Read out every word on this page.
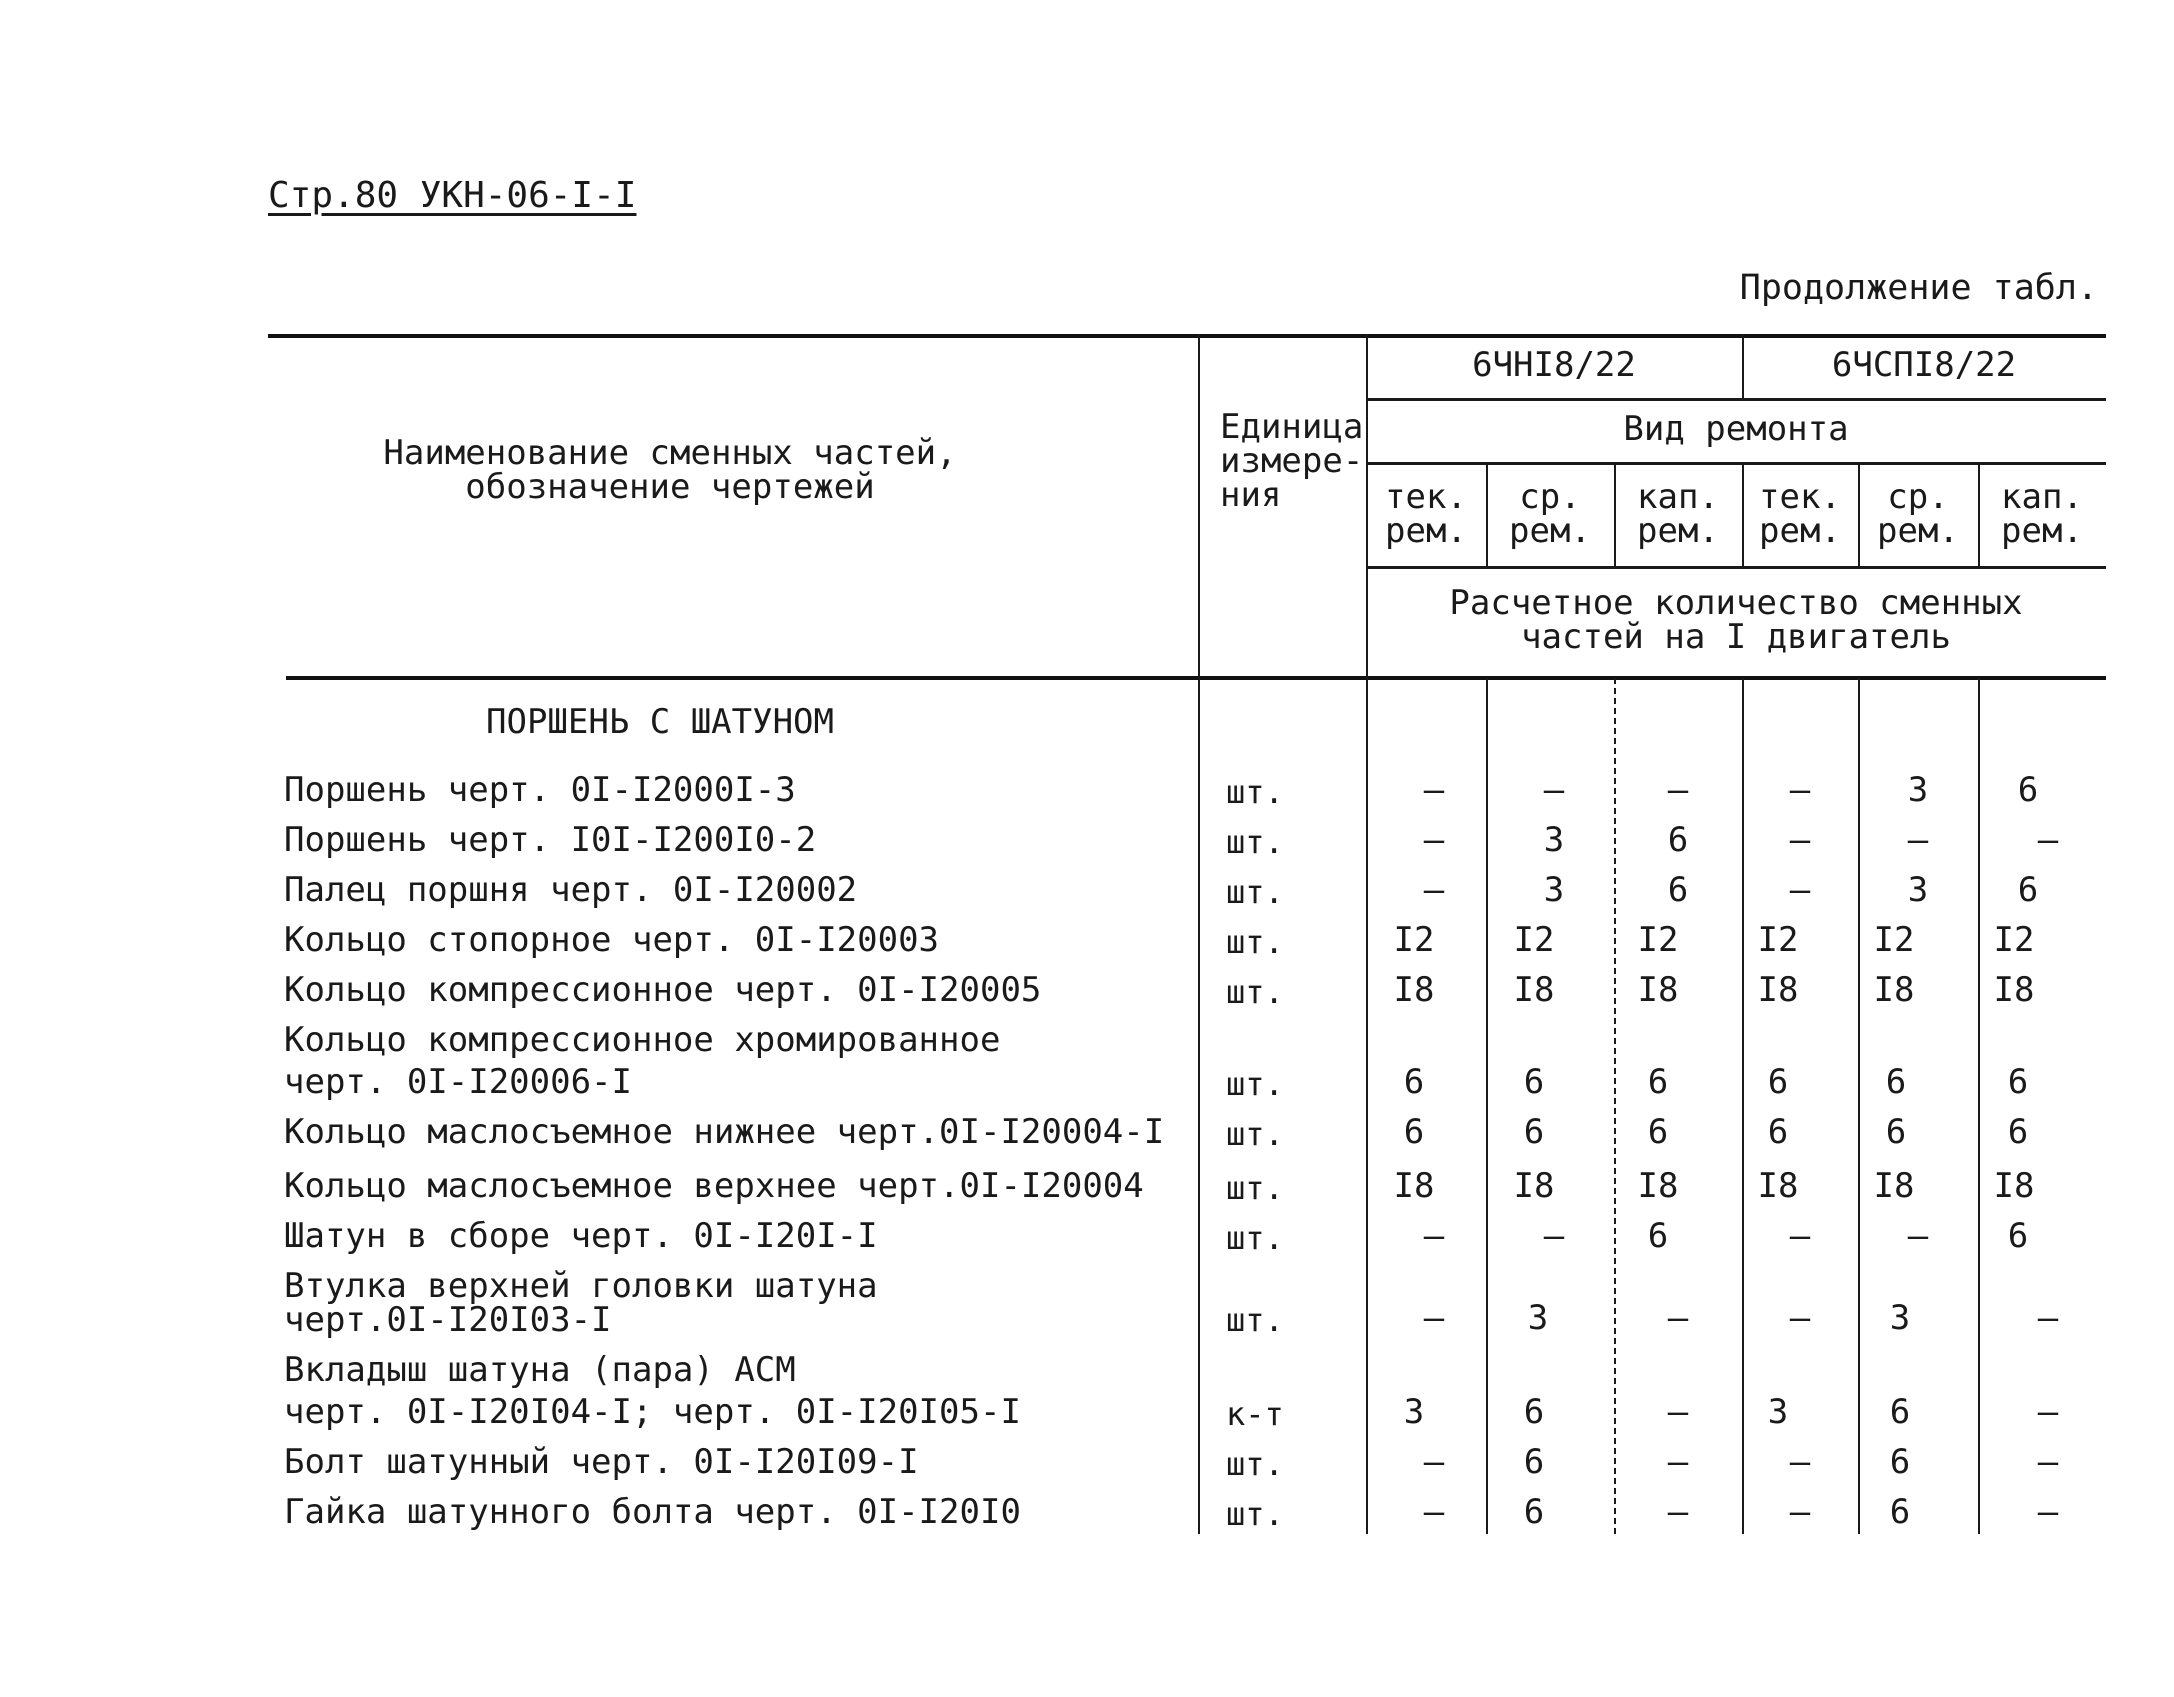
Стр.80 УКН-06-I-I
Продолжение табл.
Наименование сменных частей,
обозначение чертежей
Единица
измере-
ния
6ЧНI8/22	6ЧСПI8/22
Вид ремонта
тек.
рем.
ср.
рем.
кап.
рем.
тек.
рем.
ср.
рем.
кап.
рем.
Расчетное количество сменных
частей на I двигатель
ПОРШЕНЬ С ШАТУНОМ
Поршень черт. 0I-I2000I-3	шт.	–	–	–	–	3	6
Поршень черт. I0I-I200I0-2	шт.	–	3	6	–	–	–
Палец поршня черт. 0I-I20002	шт.	–	3	6	–	3	6
Кольцо стопорное черт. 0I-I20003	шт.	I2	I2	I2	I2	I2	I2
Кольцо компрессионное черт. 0I-I20005	шт.	I8	I8	I8	I8	I8	I8
Кольцо компрессионное хромированное
черт. 0I-I20006-I	шт.	6	6	6	6	6	6
Кольцо маслосъемное нижнее черт.0I-I20004-I шт.	6	6	6	6	6	6
Кольцо маслосъемное верхнее черт.0I-I20004	шт.	I8	I8	I8	I8	I8	I8
Шатун в сборе черт. 0I-I20I-I	шт.	–	–	6	–	–	6
Втулка верхней головки шатуна
черт.0I-I20I03-I	шт.	–	3	–	–	3	–
Вкладыш шатуна (пара) АСМ
черт. 0I-I20I04-I; черт. 0I-I20I05-I	к-т	3	6	–	3	6	–
Болт шатунный черт. 0I-I20I09-I	шт.	–	6	–	–	6	–
Гайка шатунного болта черт. 0I-I20I0	шт.	–	6	–	–	6	–
